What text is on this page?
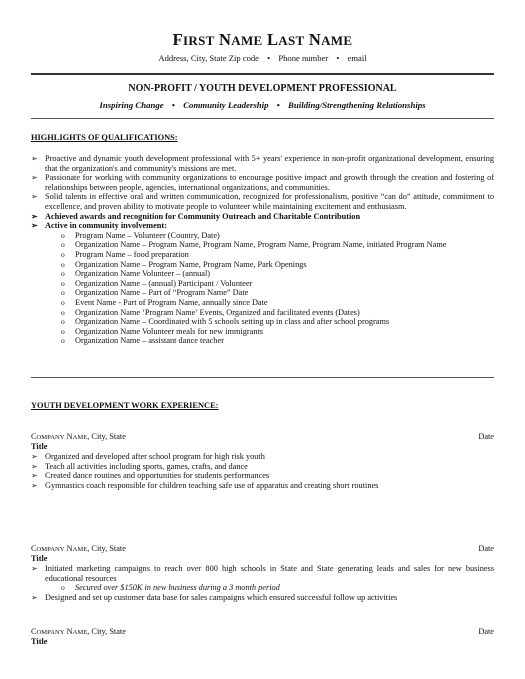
FIRST NAME LAST NAME
Address, City, State Zip code • Phone number • email
NON-PROFIT / YOUTH DEVELOPMENT PROFESSIONAL
Inspiring Change • Community Leadership • Building/Strengthening Relationships
HIGHLIGHTS OF QUALIFICATIONS:
➢ Proactive and dynamic youth development professional with 5+ years' experience in non-profit organizational development, ensuring that the organization's and community's missions are met.
➢ Passionate for working with community organizations to encourage positive impact and growth through the creation and fostering of relationships between people, agencies, international organizations, and communities.
➢ Solid talents in effective oral and written communication, recognized for professionalism, positive “can do” attitude, commitment to excellence, and proven ability to motivate people to volunteer while maintaining excitement and enthusiasm.
➢ Achieved awards and recognition for Community Outreach and Charitable Contribution
➢ Active in community involvement:
o Program Name – Volunteer (Country, Date)
o Organization Name – Program Name, Program Name, Program Name, Program Name, initiated Program Name
o Program Name – food preparation
o Organization Name – Program Name, Program Name, Park Openings
o Organization Name Volunteer – (annual)
o Organization Name – (annual) Participant / Volunteer
o Organization Name – Part of “Program Name” Date
o Event Name - Part of Program Name, annually since Date
o Organization Name ‘Program Name’ Events, Organized and facilitated events (Dates)
o Organization Name – Coordinated with 5 schools setting up in class and after school programs
o Organization Name Volunteer meals for new immigrants
o Organization Name – assistant dance teacher
YOUTH DEVELOPMENT WORK EXPERIENCE:
COMPANY NAME, City, State	Date
Title
➢ Organized and developed after school program for high risk youth
➢ Teach all activities including sports, games, crafts, and dance
➢ Created dance routines and opportunities for students performances
➢ Gymnastics coach responsible for children teaching safe use of apparatus and creating short routines
COMPANY NAME, City, State	Date
Title
➢ Initiated marketing campaigns to reach over 800 high schools in State and State generating leads and sales for new business educational resources
o Secured over $150K in new business during a 3 month period
➢ Designed and set up customer data base for sales campaigns which ensured successful follow up activities
COMPANY NAME, City, State	Date
Title
